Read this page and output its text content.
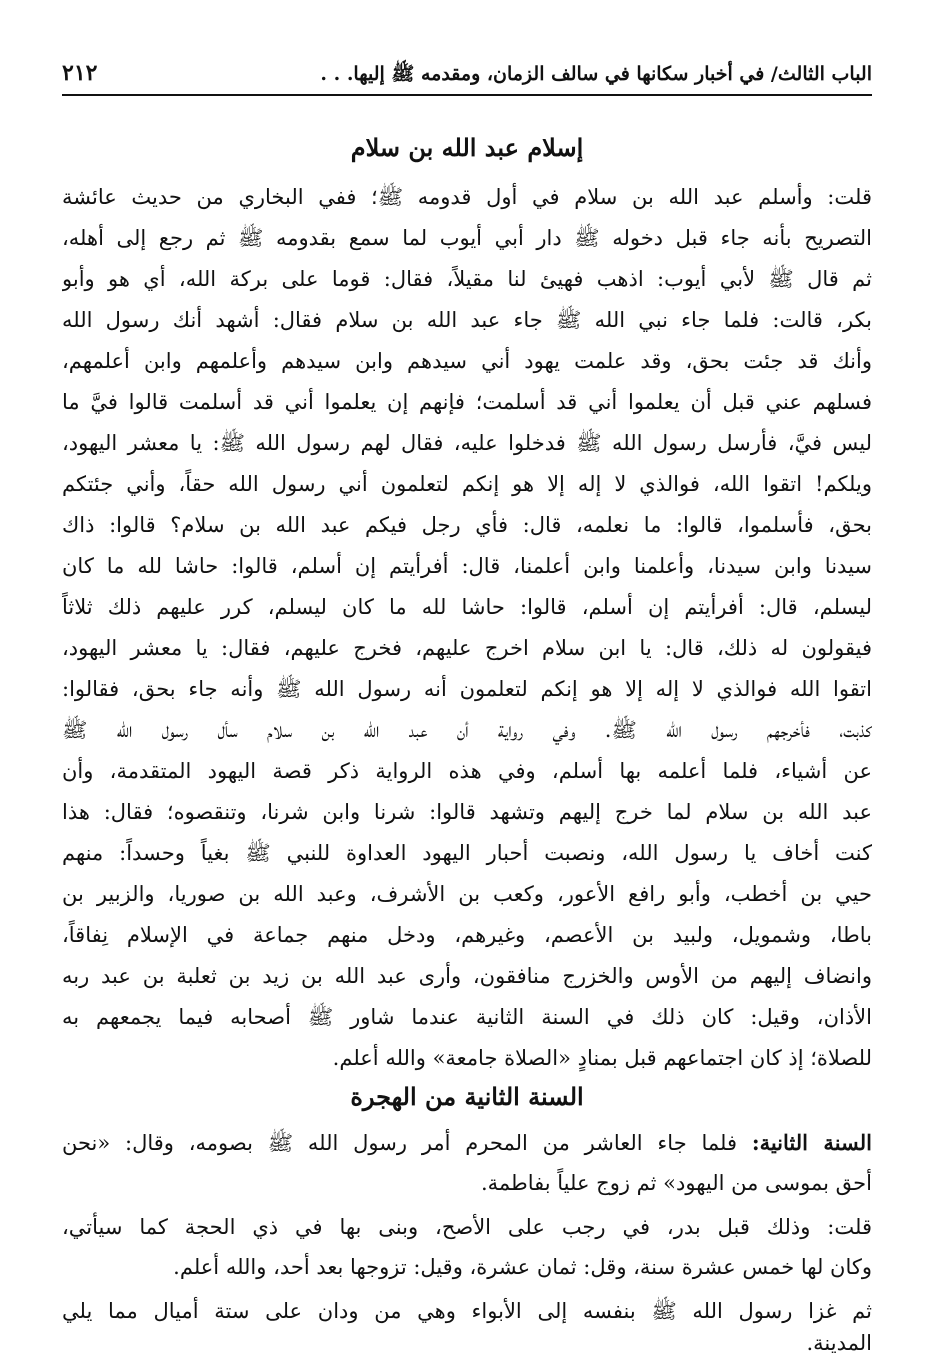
الباب الثالث/ في أخبار سكانها في سالف الزمان، ومقدمه ﷺ إليها. . .
٢١٢
إسلام عبد الله بن سلام
قلت: وأسلم عبد الله بن سلام في أول قدومه ﷺ؛ ففي البخاري من حديث عائشة
التصريح بأنه جاء قبل دخوله ﷺ دار أبي أيوب لما سمع بقدومه ﷺ ثم رجع إلى أهله،
ثم قال ﷺ لأبي أيوب: اذهب فهيئ لنا مقيلاً، فقال: قوما على بركة الله، أي هو وأبو
بكر، قالت: فلما جاء نبي الله ﷺ جاء عبد الله بن سلام فقال: أشهد أنك رسول الله
وأنك قد جئت بحق، وقد علمت يهود أني سيدهم وابن سيدهم وأعلمهم وابن أعلمهم،
فسلهم عني قبل أن يعلموا أني قد أسلمت؛ فإنهم إن يعلموا أني قد أسلمت قالوا فيَّ ما
ليس فيَّ، فأرسل رسول الله ﷺ فدخلوا عليه، فقال لهم رسول الله ﷺ: يا معشر اليهود،
ويلكم! اتقوا الله، فوالذي لا إله إلا هو إنكم لتعلمون أني رسول الله حقاً، وأني جئتكم
بحق، فأسلموا، قالوا: ما نعلمه، قال: فأي رجل فيكم عبد الله بن سلام؟ قالوا: ذاك
سيدنا وابن سيدنا، وأعلمنا وابن أعلمنا، قال: أفرأيتم إن أسلم، قالوا: حاشا لله ما كان
ليسلم، قال: أفرأيتم إن أسلم، قالوا: حاشا لله ما كان ليسلم، كرر عليهم ذلك ثلاثاً
فيقولون له ذلك، قال: يا ابن سلام اخرج عليهم، فخرج عليهم، فقال: يا معشر اليهود،
اتقوا الله فوالذي لا إله إلا هو إنكم لتعلمون أنه رسول الله ﷺ وأنه جاء بحق، فقالوا:
كذبت، فأخرجهم رسول الله ﷺ. وفي رواية أن عبد الله بن سلام سأل رسول الله ﷺ
عن أشياء، فلما أعلمه بها أسلم، وفي هذه الرواية ذكر قصة اليهود المتقدمة، وأن
عبد الله بن سلام لما خرج إليهم وتشهد قالوا: شرنا وابن شرنا، وتنقصوه؛ فقال: هذا
كنت أخاف يا رسول الله، ونصبت أحبار اليهود العداوة للنبي ﷺ بغياً وحسداً: منهم
حيي بن أخطب، وأبو رافع الأعور، وكعب بن الأشرف، وعبد الله بن صوريا، والزبير بن
باطا، وشمويل، ولبيد بن الأعصم، وغيرهم، ودخل منهم جماعة في الإسلام نِفاقاً،
وانضاف إليهم من الأوس والخزرج منافقون، وأرى عبد الله بن زيد بن ثعلبة بن عبد ربه
الأذان، وقيل: كان ذلك في السنة الثانية عندما شاور ﷺ أصحابه فيما يجمعهم به
للصلاة؛ إذ كان اجتماعهم قبل بمنادٍ «الصلاة جامعة» والله أعلم.
السنة الثانية من الهجرة
السنة الثانية: فلما جاء العاشر من المحرم أمر رسول الله ﷺ بصومه، وقال: «نحن
أحق بموسى من اليهود» ثم زوج علياً بفاطمة.
قلت: وذلك قبل بدر، في رجب على الأصح، وبنى بها في ذي الحجة كما سيأتي،
وكان لها خمس عشرة سنة، وقل: ثمان عشرة، وقيل: تزوجها بعد أحد، والله أعلم.
ثم غزا رسول الله ﷺ بنفسه إلى الأبواء وهي من ودان على ستة أميال مما يلي
المدينة.
